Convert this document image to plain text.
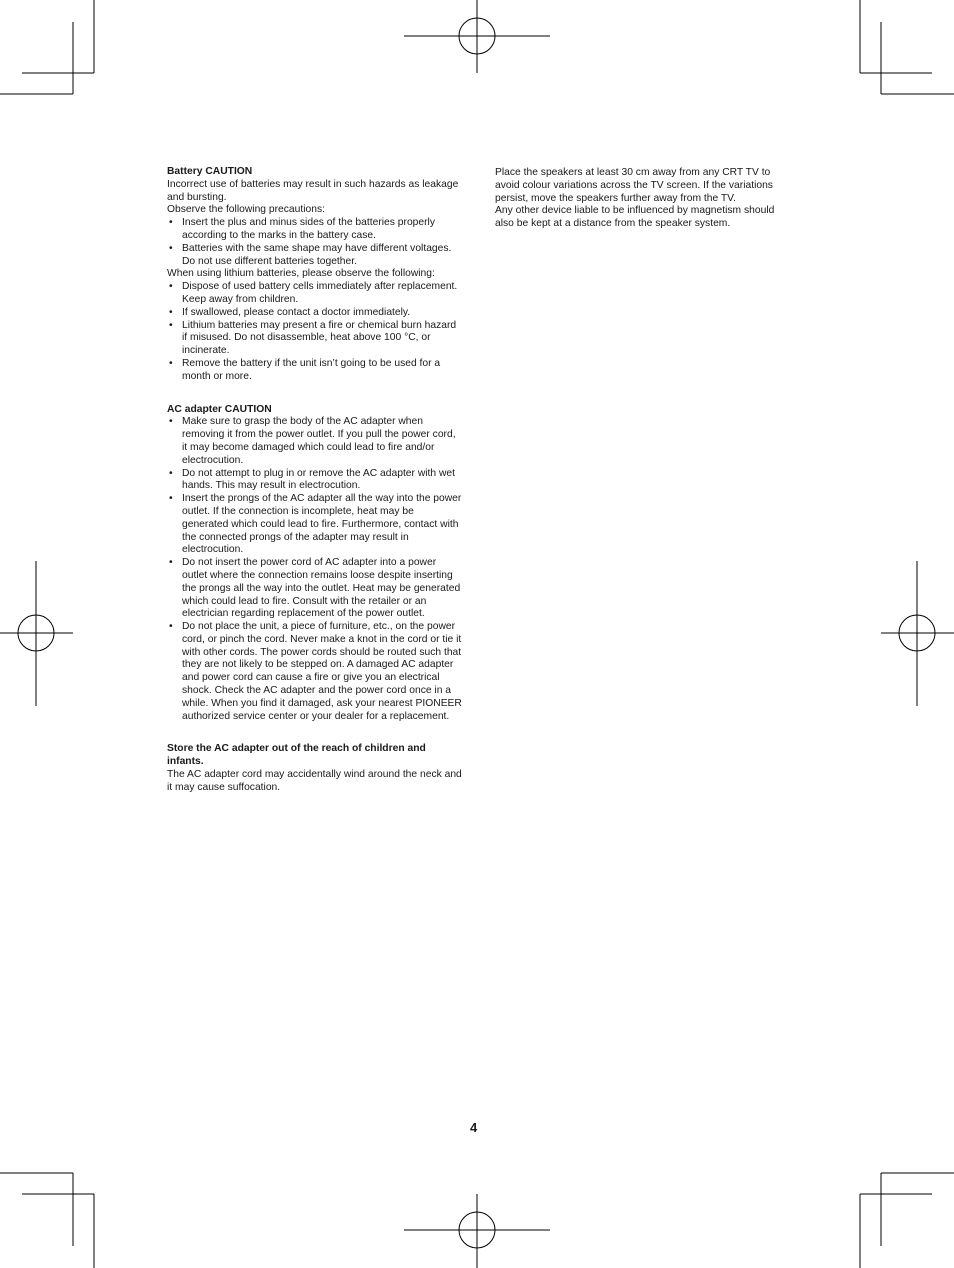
Battery CAUTION

Incorrect use of batteries may result in such hazards as leakage and bursting.

Observe the following precautions:

• Insert the plus and minus sides of the batteries properly according to the marks in the battery case.
• Batteries with the same shape may have different voltages. Do not use different batteries together.

When using lithium batteries, please observe the following:

• Dispose of used battery cells immediately after replacement. Keep away from children.
• If swallowed, please contact a doctor immediately.
• Lithium batteries may present a fire or chemical burn hazard if misused. Do not disassemble, heat above 100 °C, or incinerate.
• Remove the battery if the unit isn’t going to be used for a month or more.

AC adapter CAUTION

• Make sure to grasp the body of the AC adapter when removing it from the power outlet. If you pull the power cord, it may become damaged which could lead to fire and/or electrocution.
• Do not attempt to plug in or remove the AC adapter with wet hands. This may result in electrocution.
• Insert the prongs of the AC adapter all the way into the power outlet. If the connection is incomplete, heat may be generated which could lead to fire. Furthermore, contact with the connected prongs of the adapter may result in electrocution.
• Do not insert the power cord of AC adapter into a power outlet where the connection remains loose despite inserting the prongs all the way into the outlet. Heat may be generated which could lead to fire. Consult with the retailer or an electrician regarding replacement of the power outlet.
• Do not place the unit, a piece of furniture, etc., on the power cord, or pinch the cord. Never make a knot in the cord or tie it with other cords. The power cords should be routed such that they are not likely to be stepped on. A damaged AC adapter and power cord can cause a fire or give you an electrical shock. Check the AC adapter and the power cord once in a while. When you find it damaged, ask your nearest PIONEER authorized service center or your dealer for a replacement.

Store the AC adapter out of the reach of children and infants.

The AC adapter cord may accidentally wind around the neck and it may cause suffocation.

Place the speakers at least 30 cm away from any CRT TV to avoid colour variations across the TV screen. If the variations persist, move the speakers further away from the TV.

Any other device liable to be influenced by magnetism should also be kept at a distance from the speaker system.

4
